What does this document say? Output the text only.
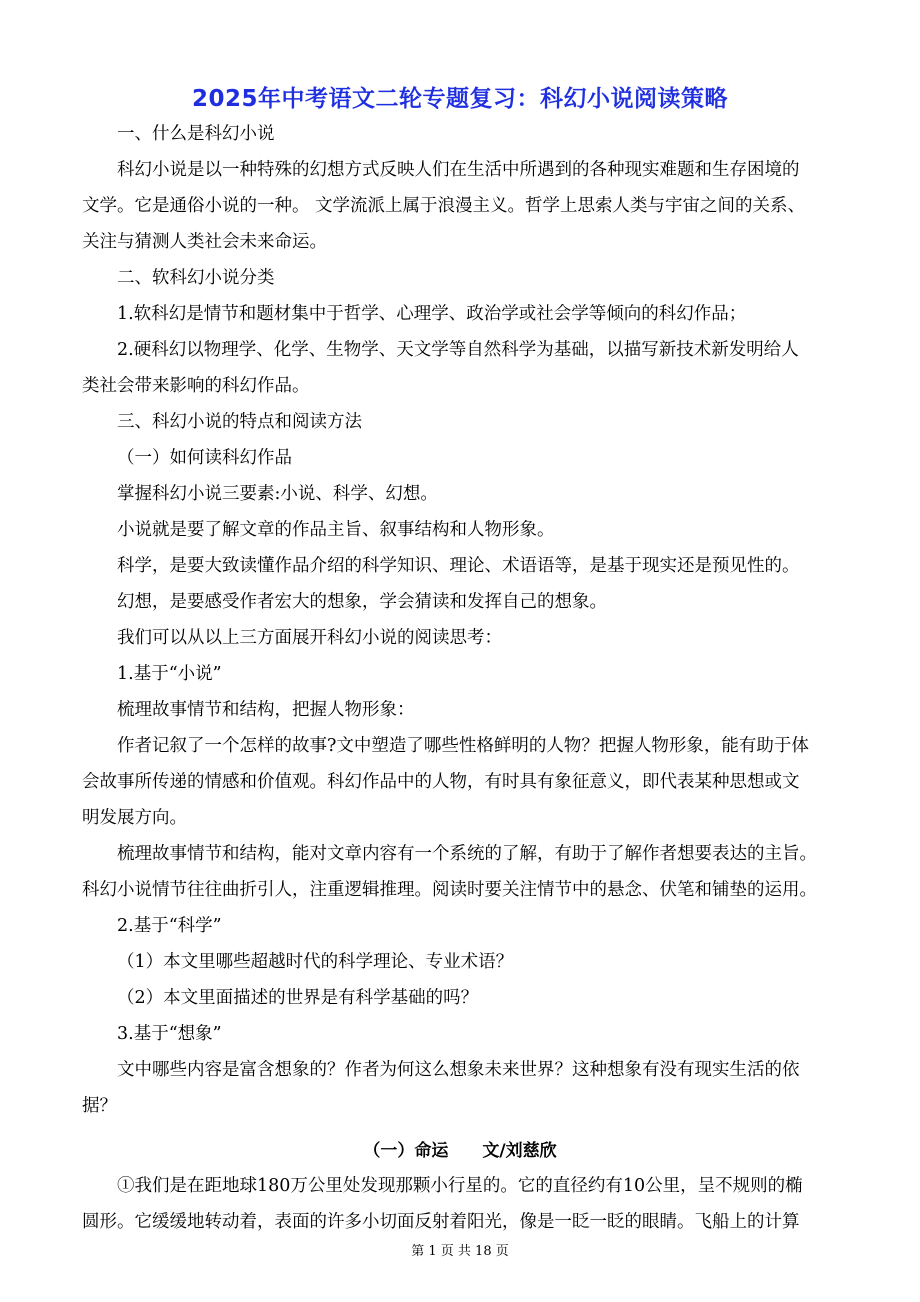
2025年中考语文二轮专题复习：科幻小说阅读策略
一、什么是科幻小说
科幻小说是以一种特殊的幻想方式反映人们在生活中所遇到的各种现实难题和生存困境的
文学。它是通俗小说的一种。 文学流派上属于浪漫主义。哲学上思索人类与宇宙之间的关系、
关注与猜测人类社会未来命运。
二、软科幻小说分类
1.软科幻是情节和题材集中于哲学、心理学、政治学或社会学等倾向的科幻作品；
2.硬科幻以物理学、化学、生物学、天文学等自然科学为基础，以描写新技术新发明给人
类社会带来影响的科幻作品。
三、科幻小说的特点和阅读方法
（一）如何读科幻作品
掌握科幻小说三要素:小说、科学、幻想。
小说就是要了解文章的作品主旨、叙事结构和人物形象。
科学，是要大致读懂作品介绍的科学知识、理论、术语语等，是基于现实还是预见性的。
幻想，是要感受作者宏大的想象，学会猜读和发挥自己的想象。
我们可以从以上三方面展开科幻小说的阅读思考：
1.基于“小说”
梳理故事情节和结构，把握人物形象：
作者记叙了一个怎样的故事?文中塑造了哪些性格鲜明的人物？把握人物形象，能有助于体
会故事所传递的情感和价值观。科幻作品中的人物，有时具有象征意义，即代表某种思想或文
明发展方向。
梳理故事情节和结构，能对文章内容有一个系统的了解，有助于了解作者想要表达的主旨。
科幻小说情节往往曲折引人，注重逻辑推理。阅读时要关注情节中的悬念、伏笔和铺垫的运用。
2.基于“科学”
（1）本文里哪些超越时代的科学理论、专业术语？
（2）本文里面描述的世界是有科学基础的吗？
3.基于“想象”
文中哪些内容是富含想象的？作者为何这么想象未来世界？这种想象有没有现实生活的依
据？
（一）命运　　文/刘慈欣
①我们是在距地球180万公里处发现那颗小行星的。它的直径约有10公里，呈不规则的椭
圆形。它缓缓地转动着，表面的许多小切面反射着阳光，像是一眨一眨的眼睛。飞船上的计算
第 1 页 共 18 页
